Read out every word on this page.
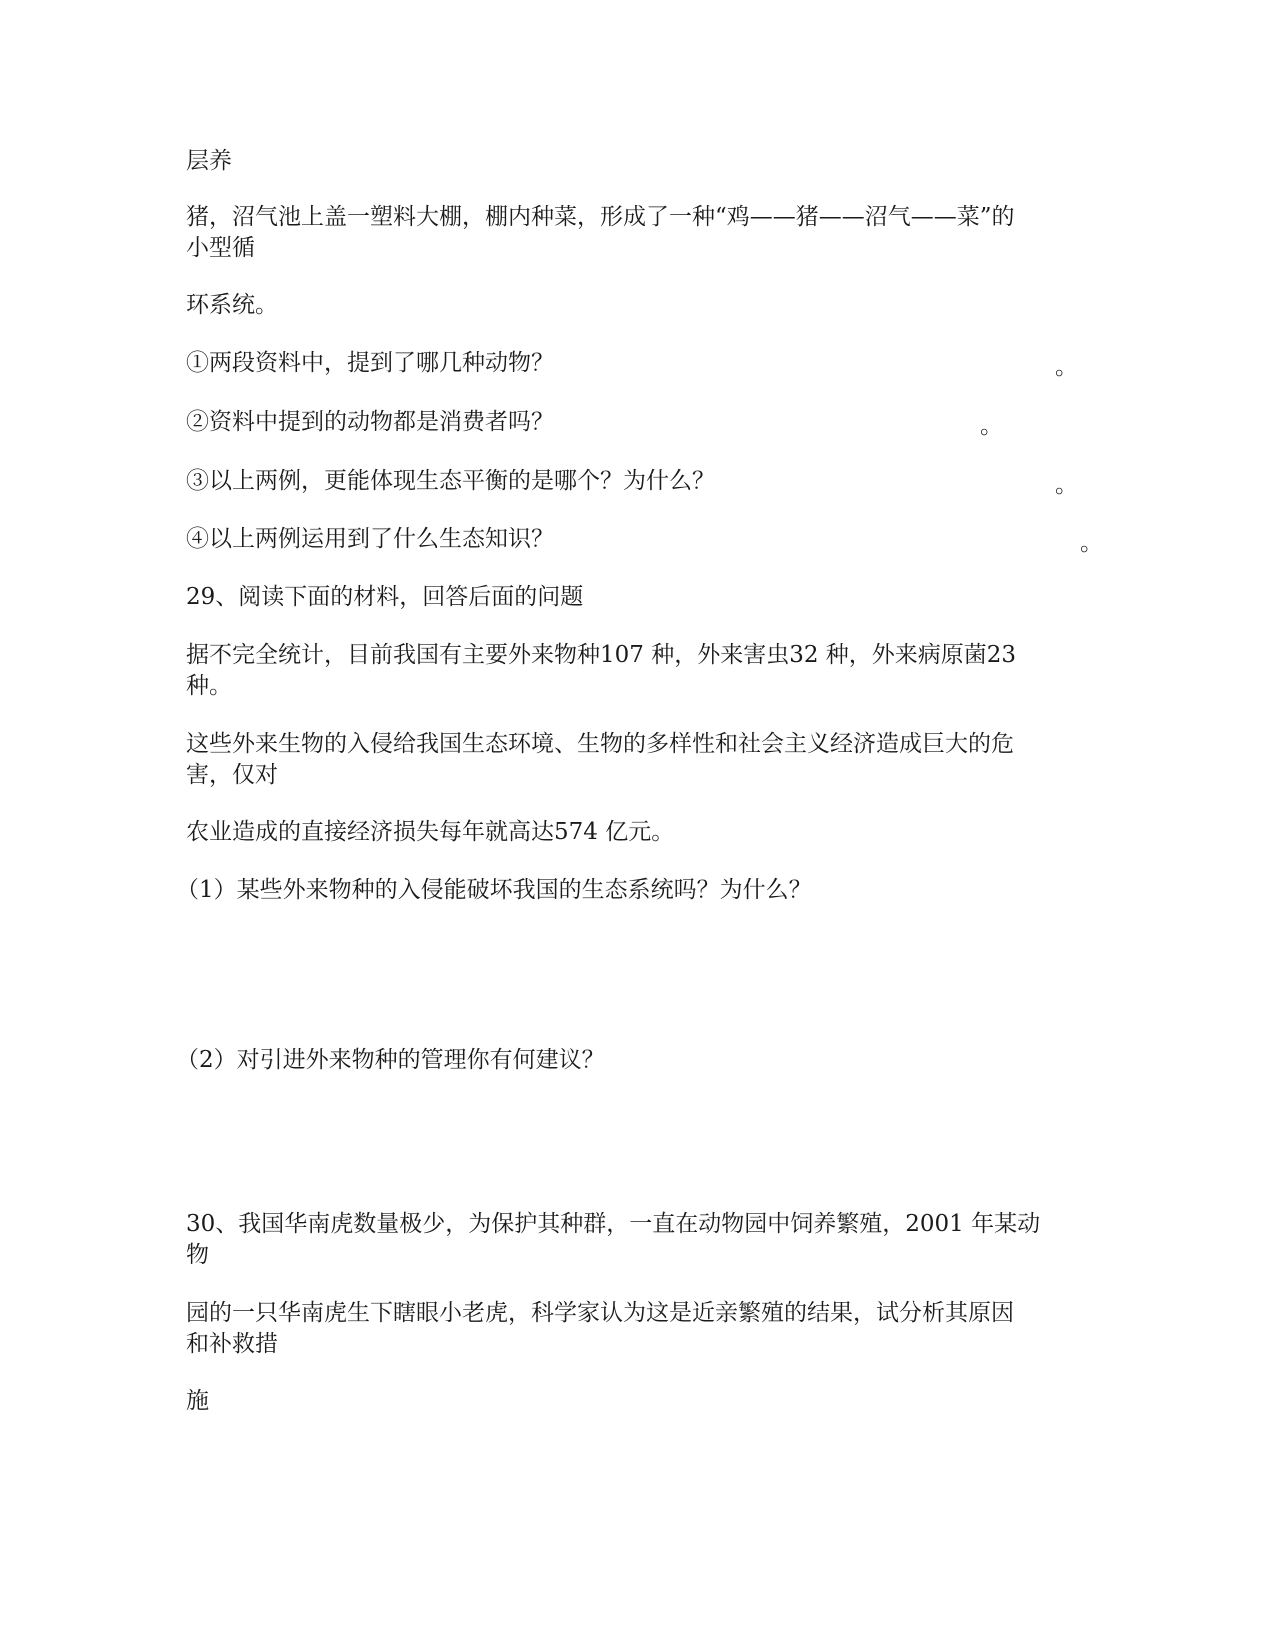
层养
猪，沼气池上盖一塑料大棚，棚内种菜，形成了一种“鸡——猪——沼气——菜”的
小型循
环系统。
①两段资料中，提到了哪几种动物？	。
②资料中提到的动物都是消费者吗？	。
③以上两例，更能体现生态平衡的是哪个？为什么？	。
④以上两例运用到了什么生态知识？	。
29、阅读下面的材料，回答后面的问题
据不完全统计，目前我国有主要外来物种107 种，外来害虫32 种，外来病原菌23
种。
这些外来生物的入侵给我国生态环境、生物的多样性和社会主义经济造成巨大的危
害，仅对
农业造成的直接经济损失每年就高达574 亿元。
（1）某些外来物种的入侵能破坏我国的生态系统吗？为什么？
（2）对引进外来物种的管理你有何建议？
30、我国华南虎数量极少，为保护其种群，一直在动物园中饲养繁殖，2001 年某动
物
园的一只华南虎生下瞎眼小老虎，科学家认为这是近亲繁殖的结果，试分析其原因
和补救措
施
